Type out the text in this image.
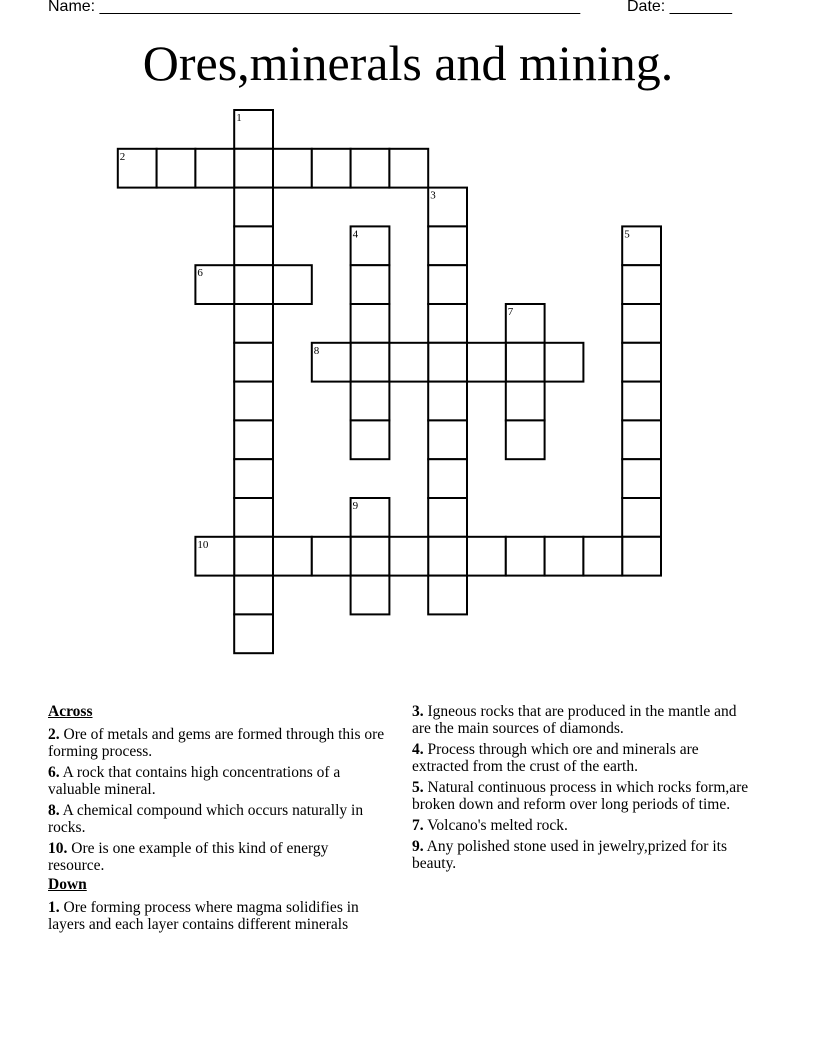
Name: ______________________________________________________	Date: _______
Ores,minerals and mining.
1
2
3
4	5
6
7
8
9
10
Across
2. Ore of metals and gems are formed through this ore forming process.
6. A rock that contains high concentrations of a valuable mineral.
8. A chemical compound which occurs naturally in rocks.
10. Ore is one example of this kind of energy resource.
Down
1. Ore forming process where magma solidifies in layers and each layer contains different minerals
3. Igneous rocks that are produced in the mantle and are the main sources of diamonds.
4. Process through which ore and minerals are extracted from the crust of the earth.
5. Natural continuous process in which rocks form,are broken down and reform over long periods of time.
7. Volcano's melted rock.
9. Any polished stone used in jewelry,prized for its beauty.
